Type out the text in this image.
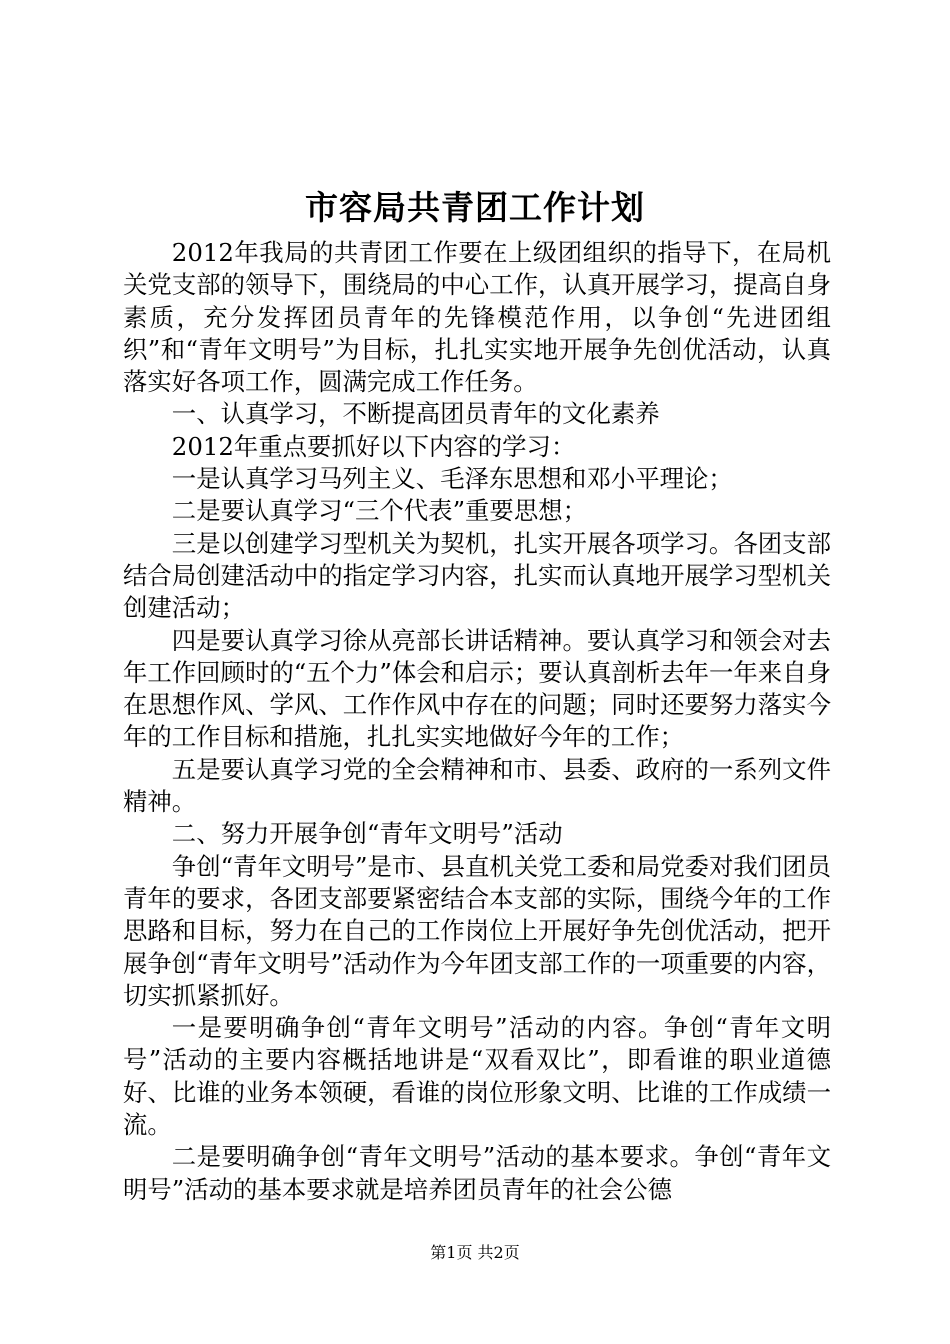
市容局共青团工作计划

2012年我局的共青团工作要在上级团组织的指导下，在局机关党支部的领导下，围绕局的中心工作，认真开展学习，提高自身素质，充分发挥团员青年的先锋模范作用，以争创“先进团组织”和“青年文明号”为目标，扎扎实实地开展争先创优活动，认真落实好各项工作，圆满完成工作任务。

一、认真学习，不断提高团员青年的文化素养

2012年重点要抓好以下内容的学习：

一是认真学习马列主义、毛泽东思想和邓小平理论；

二是要认真学习“三个代表”重要思想；

三是以创建学习型机关为契机，扎实开展各项学习。各团支部结合局创建活动中的指定学习内容，扎实而认真地开展学习型机关创建活动；

四是要认真学习徐从亮部长讲话精神。要认真学习和领会对去年工作回顾时的“五个力”体会和启示；要认真剖析去年一年来自身在思想作风、学风、工作作风中存在的问题；同时还要努力落实今年的工作目标和措施，扎扎实实地做好今年的工作；

五是要认真学习党的全会精神和市、县委、政府的一系列文件精神。

二、努力开展争创“青年文明号”活动

争创“青年文明号”是市、县直机关党工委和局党委对我们团员青年的要求，各团支部要紧密结合本支部的实际，围绕今年的工作思路和目标，努力在自己的工作岗位上开展好争先创优活动，把开展争创“青年文明号”活动作为今年团支部工作的一项重要的内容，切实抓紧抓好。

一是要明确争创“青年文明号”活动的内容。争创“青年文明号”活动的主要内容概括地讲是“双看双比”，即看谁的职业道德好、比谁的业务本领硬，看谁的岗位形象文明、比谁的工作成绩一流。

二是要明确争创“青年文明号”活动的基本要求。争创“青年文明号”活动的基本要求就是培养团员青年的社会公德

第1页 共2页
